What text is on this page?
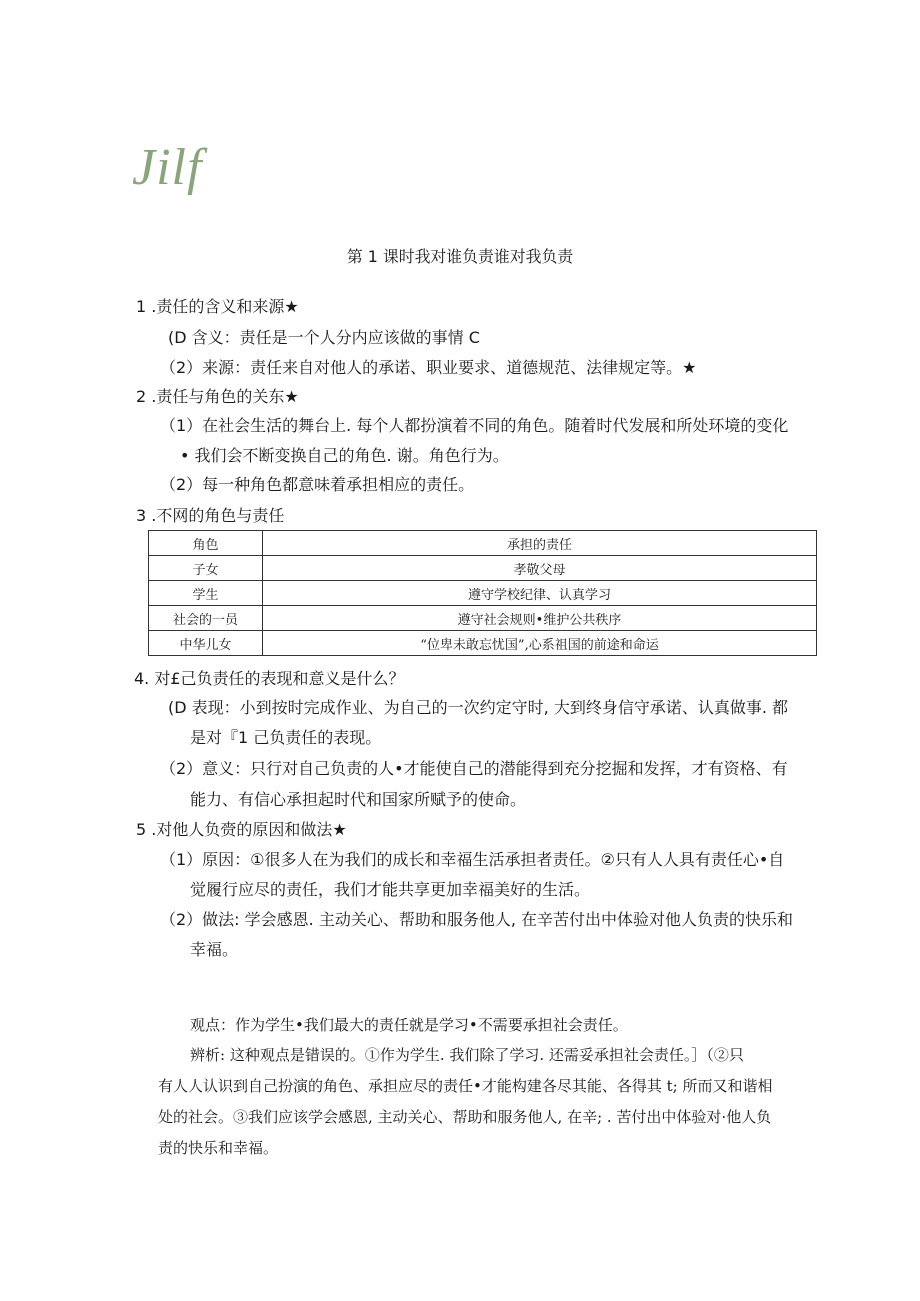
Jilf
第 1 课时我对谁负责谁对我负责
1 .责任的含义和来源★
(D 含义：责任是一个人分内应该做的事情 C
（2）来源：责任来自对他人的承诺、职业要求、道德规范、法律规定等。★
2 .责任与角色的关东★
（1）在社会生活的舞台上. 每个人都扮演着不同的角色。随着时代发展和所处环境的变化
• 我们会不断变换自己的角色. 谢。角色行为。
（2）每一种角色都意味着承担相应的责任。
3 .不网的角色与责任
角色	承担的责任
子女	孝敬父母
学生	遵守学校纪律、认真学习
社会的一员	遵守社会规则•维护公共秩序
中华儿女	“位卑未敢忘忧国”,心系祖国的前途和命运
4. 对£己负责任的表现和意义是什么？
(D 表现：小到按时完成作业、为自己的一次约定守时, 大到终身信守承诺、认真做事. 都
是对『1 己负责任的表现。
（2）意义：只行对自己负责的人•才能使自己的潜能得到充分挖掘和发挥，才有资格、有
能力、有信心承担起时代和国家所赋予的使命。
5 .对他人负赍的原因和做法★
（1）原因：①很多人在为我们的成长和幸福生活承担者责任。②只有人人具有责任心•自
觉履行应尽的责任，我们才能共享更加幸福美好的生活。
（2）做法: 学会感恩. 主动关心、帮助和服务他人, 在辛苦付出中体验对他人负责的快乐和
幸福。
观点：作为学生•我们最大的责任就是学习•不需要承担社会责任。
辨析: 这种观点是错误的。①作为学生. 我们除了学习. 还需妥承担社会责任。］（②只
有人人认识到自己扮演的角色、承担应尽的责任•才能构建各尽其能、各得其 t; 所而又和谐相
处的社会。③我们应该学会感恩, 主动关心、帮助和服务他人, 在辛; . 苦付出中体验对·他人负
责的快乐和幸福。
